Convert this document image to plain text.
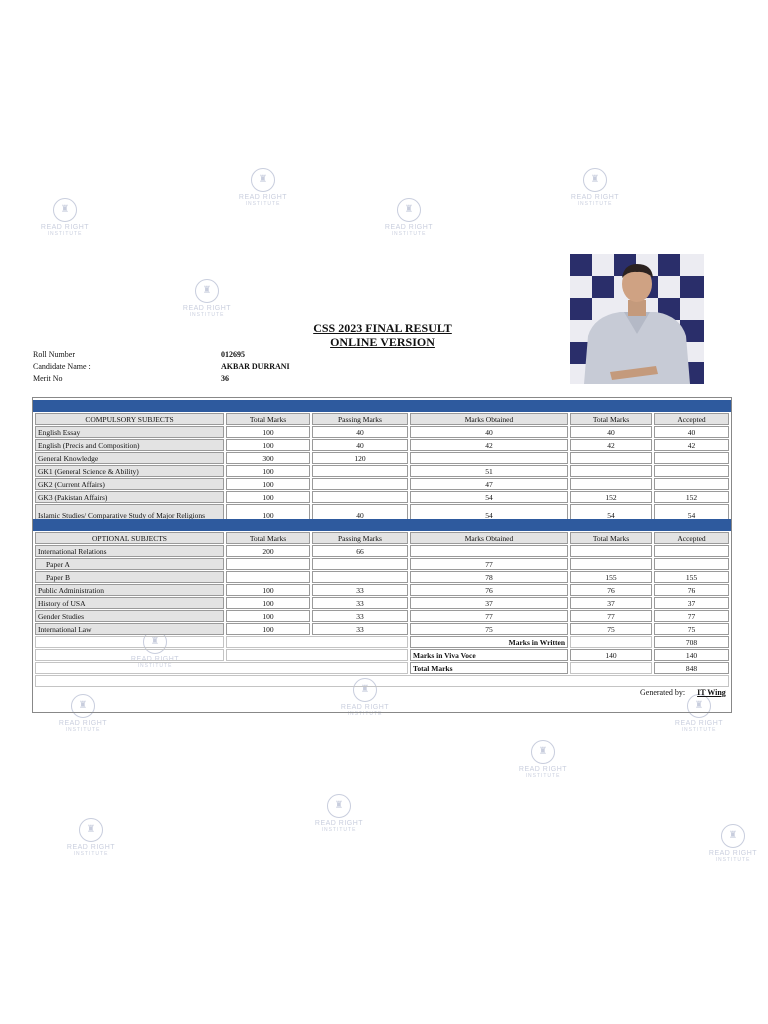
♜
READ RIGHT
INSTITUTE
♜
READ RIGHT
INSTITUTE
♜
READ RIGHT
INSTITUTE
♜
READ RIGHT
INSTITUTE
♜
READ RIGHT
INSTITUTE
♜
READ RIGHT
INSTITUTE
♜
READ RIGHT
INSTITUTE
♜
READ RIGHT
INSTITUTE
♜
READ RIGHT
INSTITUTE
♜
READ RIGHT
INSTITUTE
♜
READ RIGHT
INSTITUTE
♜
READ RIGHT
INSTITUTE
♜
READ RIGHT
INSTITUTE
CSS 2023 FINAL RESULT
ONLINE VERSION
Roll Number	012695
Candidate Name :	AKBAR DURRANI
Merit No	36
COMPULSORY SUBJECTS	Total Marks	Passing Marks	Marks Obtained	Total Marks	Accepted
English Essay	100	40	40	40	40
English (Precis and Composition)	100	40	42	42	42
General Knowledge	300	120			
GK1 (General Science & Ability)	100		51		
GK2 (Current Affairs)	100		47		
GK3 (Pakistan Affairs)	100		54	152	152
Islamic Studies/ Comparative Study of Major Religions	100	40	54	54	54
OPTIONAL SUBJECTS	Total Marks	Passing Marks	Marks Obtained	Total Marks	Accepted
International Relations	200	66			
Paper A			77		
Paper B			78	155	155
Public Administration	100	33	76	76	76
History of USA	100	33	37	37	37
Gender Studies	100	33	77	77	77
International Law	100	33	75	75	75
			Marks in Written		708
			Marks in Viva Voce	140	140
			Total Marks		848

Generated by: IT Wing
